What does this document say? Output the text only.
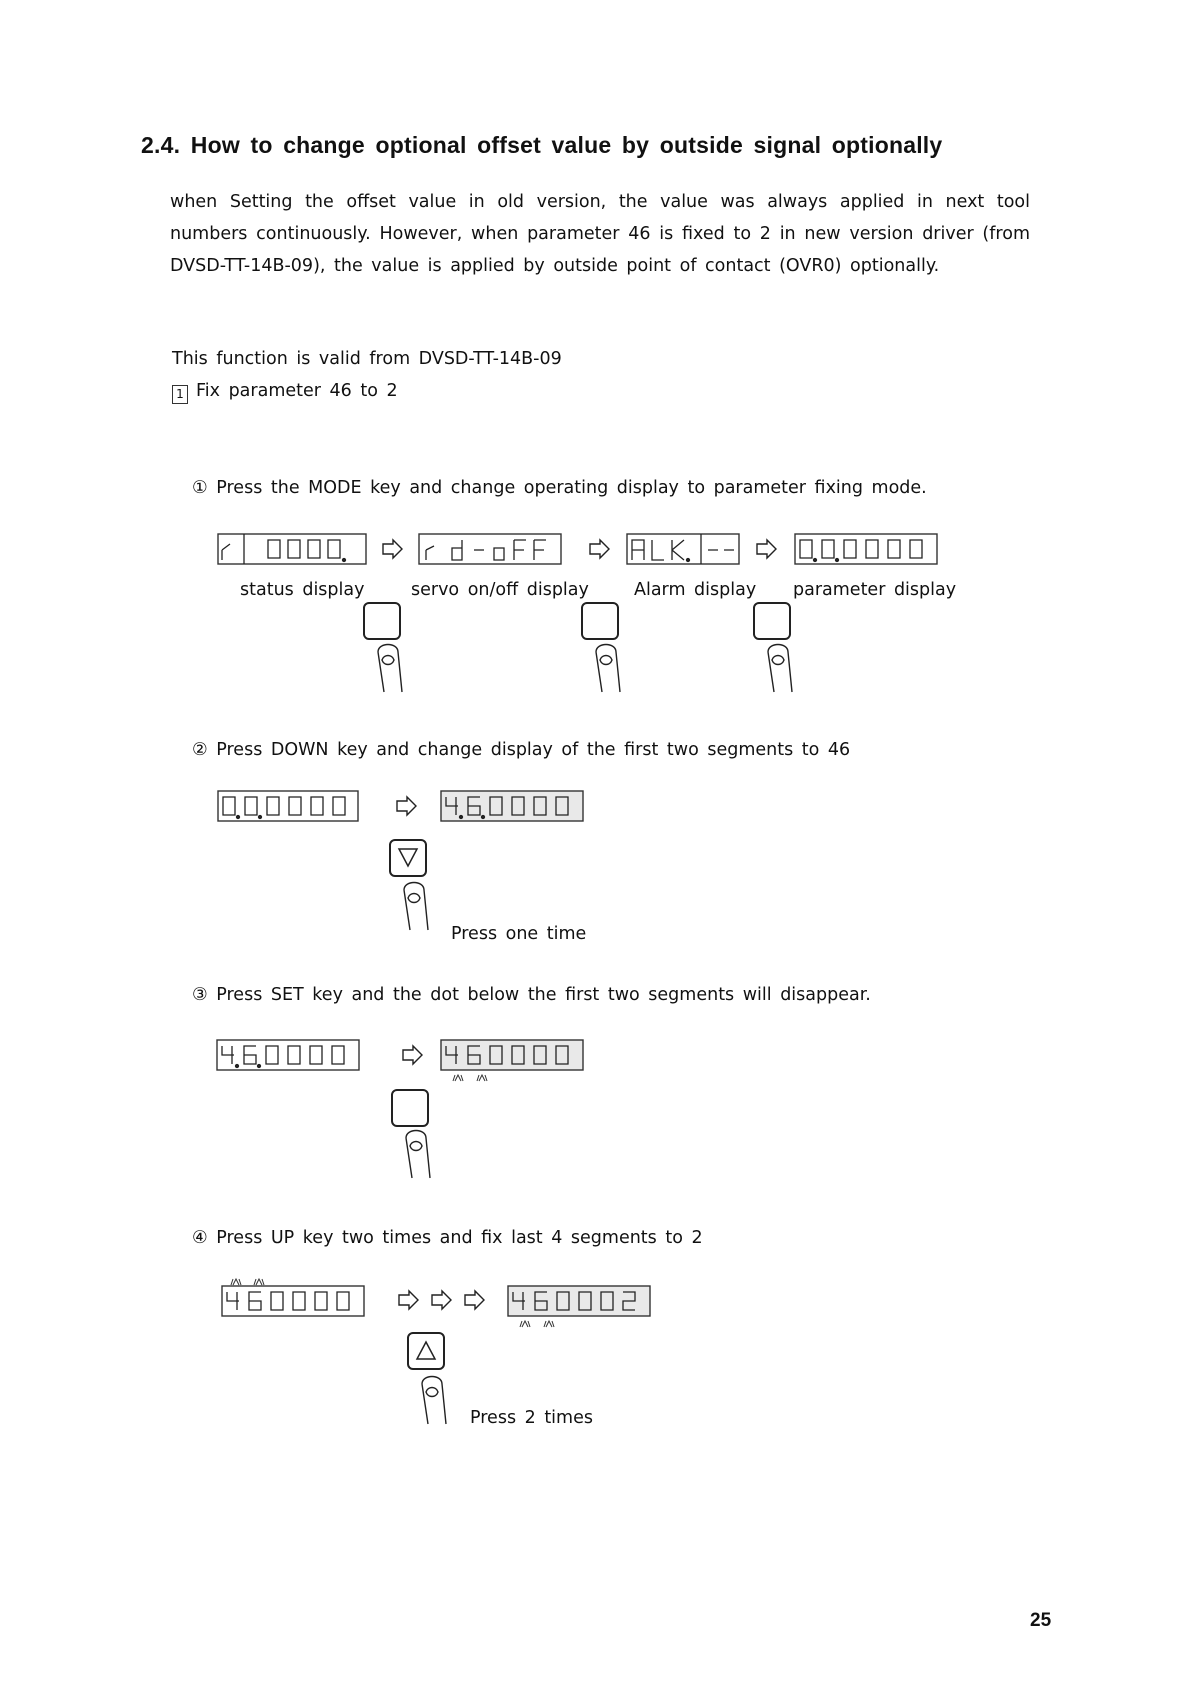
2.4. How to change optional offset value by outside signal optionally
when Setting the offset value in old version, the value was always applied in next tool numbers continuously. However, when parameter 46 is fixed to 2 in new version driver (from DVSD-TT-14B-09), the value is applied by outside point of contact (OVR0) optionally.
This function is valid from DVSD-TT-14B-09
1 Fix parameter 46 to 2
① Press the MODE key and change operating display to parameter fixing mode.
② Press DOWN key and change display of the first two segments to 46
③ Press SET key and the dot below the first two segments will disappear.
④ Press UP key two times and fix last 4 segments to 2
status display	servo on/off display	Alarm display parameter display
Press one time
Press 2 times
25
